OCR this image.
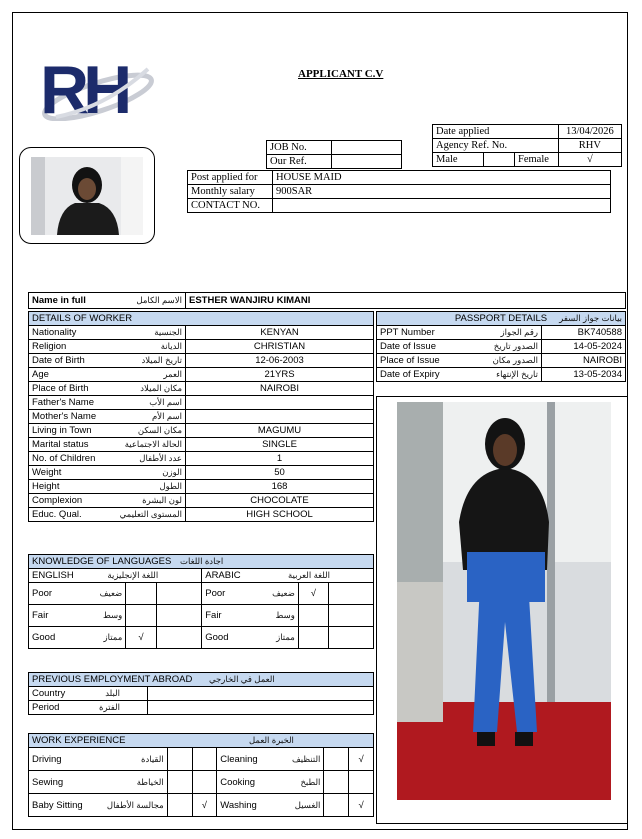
RH	APPLICANT C.V
JOB No.	
Our Ref.	
Date applied			13/04/2026
Agency Ref. No.			RHV
Male		Female	√
Post applied for	HOUSE MAID
Monthly salary	900SAR
CONTACT NO.	
Name in full	الاسم الكامل	ESTHER WANJIRU KIMANI
DETAILS OF WORKER	

Nationality الجنسية	KENYAN

Religion الديانة	CHRISTIAN

Date of Birth تاريخ الميلاد	12-06-2003

Age العمر	21YRS

Place of Birth مكان الميلاد	NAIROBI

Father's Name اسم الأب	

Mother's Name اسم الأم	

Living in Town مكان السكن	MAGUMU

Marital status الحالة الاجتماعية	SINGLE

No. of Children عدد الأطفال	1

Weight الوزن	50

Height الطول	168

Complexion لون البشرة	CHOCOLATE

Educ. Qual. المستوى التعليمي	HIGH SCHOOL

PASSPORT DETAILS بيانات جواز السفر	

PPT Number رقم الجواز	BK740588

Date of Issue الصدور تاريخ	14-05-2024

Place of Issue الصدور مكان	NAIROBI

Date of Expiry تاريخ الإنتهاء	13-05-2034
KNOWLEDGE OF LANGUAGES اجادة اللغات					

ENGLISH اللغة الإنجليزية			ARABIC اللغة العربية		

Poor ضعيف			Poor ضعيف	√	

Fair وسط			Fair وسط		

Good ممتاز	√		Good ممتاز		

PREVIOUS EMPLOYMENT ABROAD العمل في الخارجي	

Country البلد	

Period الفترة	

WORK EXPERIENCE الخبرة العمل					

Driving القيادة			Cleaning التنظيف		√

Sewing الخياطة			Cooking الطبخ		

Baby Sitting مجالسة الأطفال		√	Washing الغسيل		√
